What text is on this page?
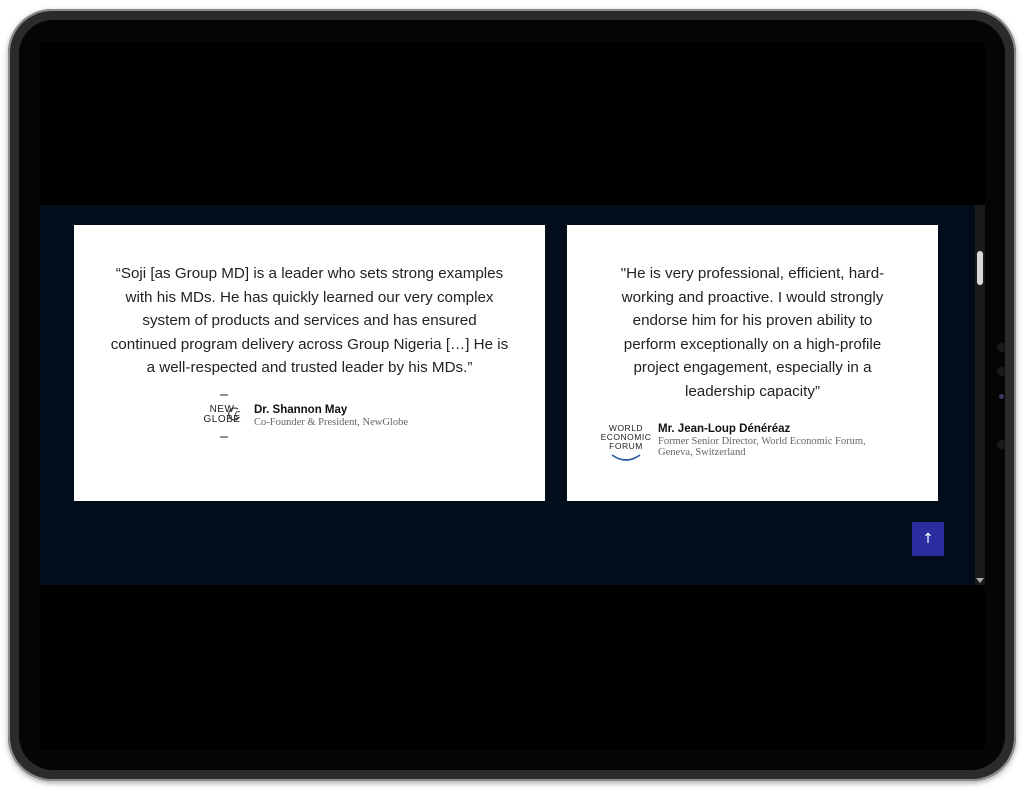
“Soji [as Group MD] is a leader who sets strong examples with his MDs. He has quickly learned our very complex system of products and services and has ensured continued program delivery across Group Nigeria […] He is a well-respected and trusted leader by his MDs.”

NEW
GLOBE
Dr. Shannon May
Co-Founder & President, NewGlobe

"He is very professional, efficient, hard-working and proactive. I would strongly endorse him for his proven ability to perform exceptionally on a high-profile project engagement, especially in a leadership capacity”

WORLD
ECONOMIC
FORUM
Mr. Jean-Loup Dénéréaz
Former Senior Director, World Economic Forum, Geneva, Switzerland
↑
